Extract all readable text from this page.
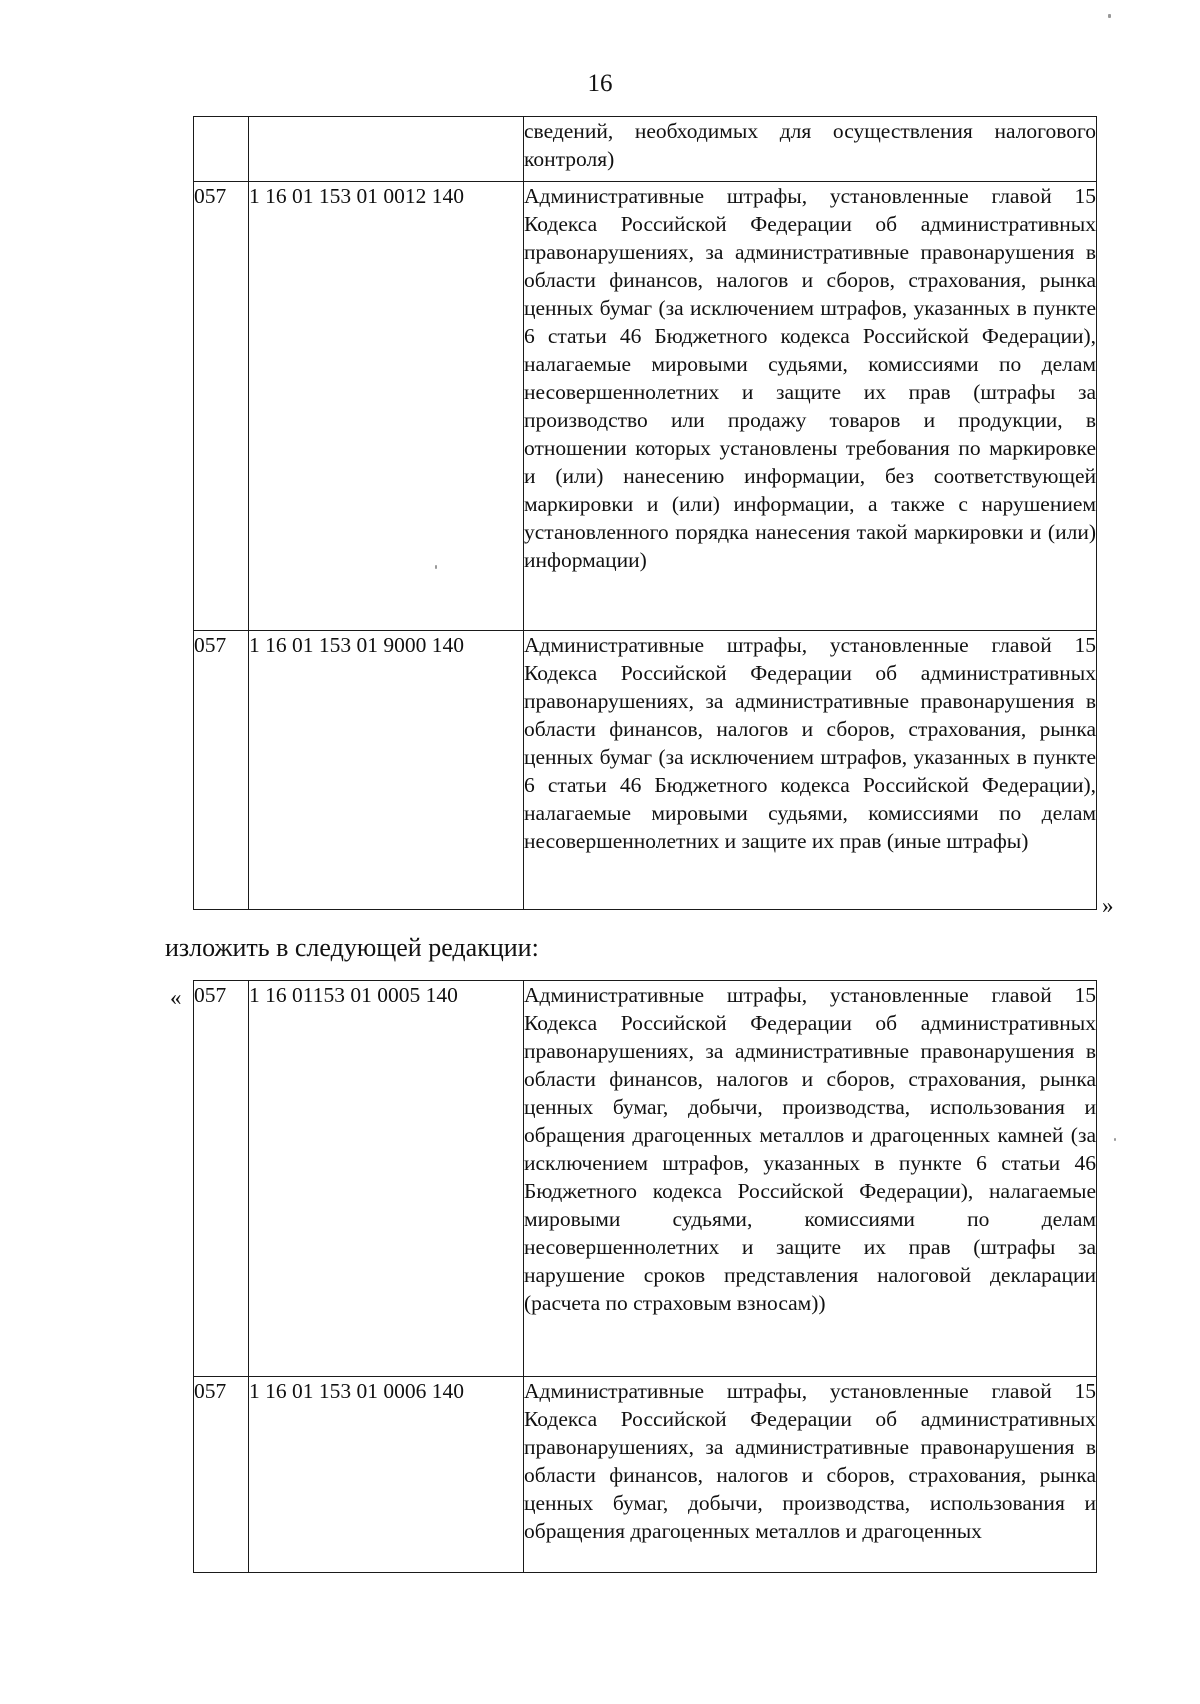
16

		сведений, необходимых для осуществления налогового контроля)

057	1 16 01 153 01 0012 140	Административные штрафы, установленные главой 15 Кодекса Российской Федерации об административных правонарушениях, за административные правонарушения в области финансов, налогов и сборов, страхования, рынка ценных бумаг (за исключением штрафов, указанных в пункте 6 статьи 46 Бюджетного кодекса Российской Федерации), налагаемые мировыми судьями, комиссиями по делам несовершеннолетних и защите их прав (штрафы за производство или продажу товаров и продукции, в отношении которых установлены требования по маркировке и (или) нанесению информации, без соответствующей маркировки и (или) информации, а также с нарушением установленного порядка нанесения такой маркировки и (или) информации)

057	1 16 01 153 01 9000 140	Административные штрафы, установленные главой 15 Кодекса Российской Федерации об административных правонарушениях, за административные правонарушения в области финансов, налогов и сборов, страхования, рынка ценных бумаг (за исключением штрафов, указанных в пункте 6 статьи 46 Бюджетного кодекса Российской Федерации), налагаемые мировыми судьями, комиссиями по делам несовершеннолетних и защите их прав (иные штрафы)
»
изложить в следующей редакции:
« 057	1 16 01153 01 0005 140	Административные штрафы, установленные главой 15 Кодекса Российской Федерации об административных правонарушениях, за административные правонарушения в области финансов, налогов и сборов, страхования, рынка ценных бумаг, добычи, производства, использования и обращения драгоценных металлов и драгоценных камней (за исключением штрафов, указанных в пункте 6 статьи 46 Бюджетного кодекса Российской Федерации), налагаемые мировыми судьями, комиссиями по делам несовершеннолетних и защите их прав (штрафы за нарушение сроков представления налоговой декларации (расчета по страховым взносам))

057	1 16 01 153 01 0006 140	Административные штрафы, установленные главой 15 Кодекса Российской Федерации об административных правонарушениях, за административные правонарушения в области финансов, налогов и сборов, страхования, рынка ценных бумаг, добычи, производства, использования и обращения драгоценных металлов и драгоценных
